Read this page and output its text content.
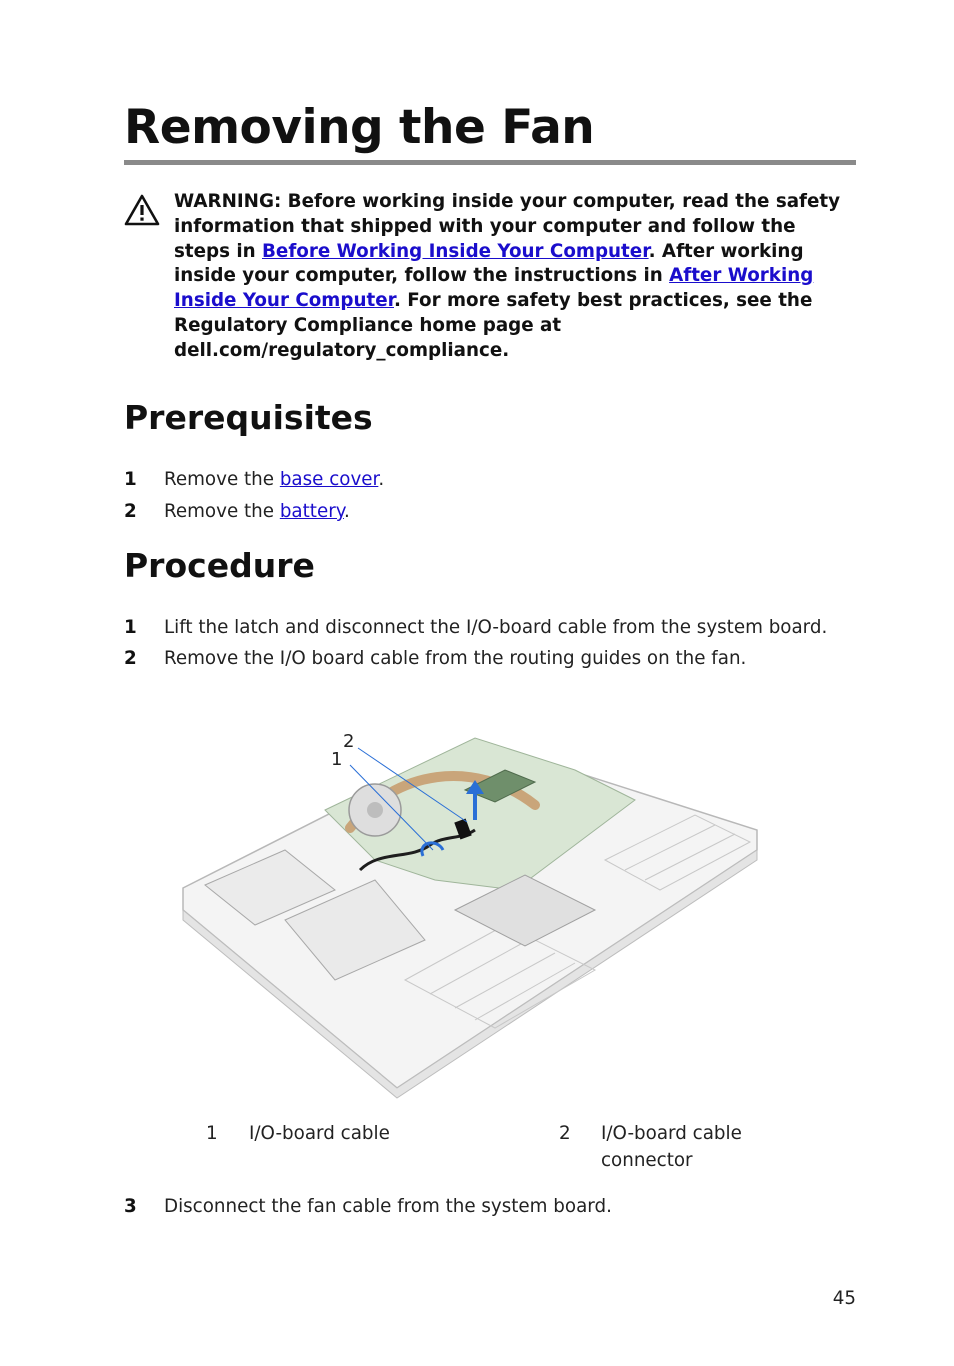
Removing the Fan
WARNING: Before working inside your computer, read the safety information that shipped with your computer and follow the steps in Before Working Inside Your Computer. After working inside your computer, follow the instructions in After Working Inside Your Computer. For more safety best practices, see the Regulatory Compliance home page at dell.com/regulatory_compliance.
Prerequisites
1 Remove the base cover.
2 Remove the battery.
Procedure
1 Lift the latch and disconnect the I/O-board cable from the system board.
2 Remove the I/O board cable from the routing guides on the fan.
1
2
1 I/O-board cable	2 I/O-board cable connector
3 Disconnect the fan cable from the system board.
45
